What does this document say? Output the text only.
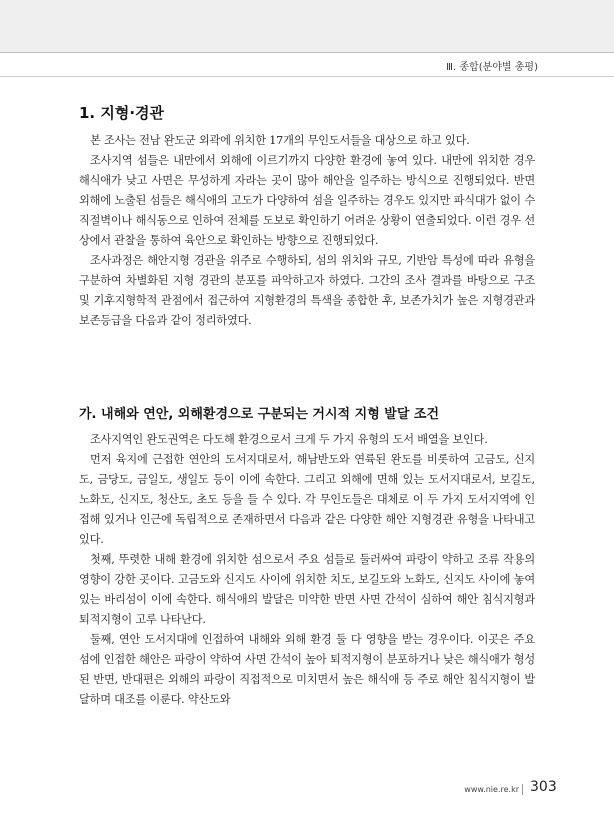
Ⅲ. 종합(분야별 총평)
1. 지형·경관

본 조사는 전남 완도군 외곽에 위치한 17개의 무인도서들을 대상으로 하고 있다.

조사지역 섬들은 내만에서 외해에 이르기까지 다양한 환경에 놓여 있다. 내만에 위치한 경우 해식애가 낮고 사면은 무성하게 자라는 곳이 많아 해안을 일주하는 방식으로 진행되었다. 반면 외해에 노출된 섬들은 해식애의 고도가 다양하여 섬을 일주하는 경우도 있지만 파식대가 없이 수직절벽이나 해식동으로 인하여 전체를 도보로 확인하기 어려운 상황이 연출되었다. 이런 경우 선상에서 관찰을 통하여 육안으로 확인하는 방향으로 진행되었다.

조사과정은 해안지형 경관을 위주로 수행하되, 섬의 위치와 규모, 기반암 특성에 따라 유형을 구분하여 차별화된 지형 경관의 분포를 파악하고자 하였다. 그간의 조사 결과를 바탕으로 구조 및 기후지형학적 관점에서 접근하여 지형환경의 특색을 종합한 후, 보존가치가 높은 지형경관과 보존등급을 다음과 같이 정리하였다.

가. 내해와 연안, 외해환경으로 구분되는 거시적 지형 발달 조건

조사지역인 완도권역은 다도해 환경으로서 크게 두 가지 유형의 도서 배열을 보인다.

먼저 육지에 근접한 연안의 도서지대로서, 해남반도와 연륙된 완도를 비롯하여 고금도, 신지도, 금당도, 금일도, 생일도 등이 이에 속한다. 그리고 외해에 면해 있는 도서지대로서, 보길도, 노화도, 신지도, 청산도, 초도 등을 들 수 있다. 각 무인도들은 대체로 이 두 가지 도서지역에 인접해 있거나 인근에 독립적으로 존재하면서 다음과 같은 다양한 해안 지형경관 유형을 나타내고 있다.

첫째, 뚜렷한 내해 환경에 위치한 섬으로서 주요 섬들로 둘러싸여 파랑이 약하고 조류 작용의 영향이 강한 곳이다. 고금도와 신지도 사이에 위치한 치도, 보길도와 노화도, 신지도 사이에 놓여 있는 바리섬이 이에 속한다. 해식애의 발달은 미약한 반면 사면 간석이 심하여 해안 침식지형과 퇴적지형이 고루 나타난다.

둘째, 연안 도서지대에 인접하여 내해와 외해 환경 둘 다 영향을 받는 경우이다. 이곳은 주요 섬에 인접한 해안은 파랑이 약하여 사면 간석이 높아 퇴적지형이 분포하거나 낮은 해식애가 형성된 반면, 반대편은 외해의 파랑이 직접적으로 미치면서 높은 해식애 등 주로 해안 침식지형이 발달하며 대조를 이룬다. 약산도와

www.nie.re.kr 303
